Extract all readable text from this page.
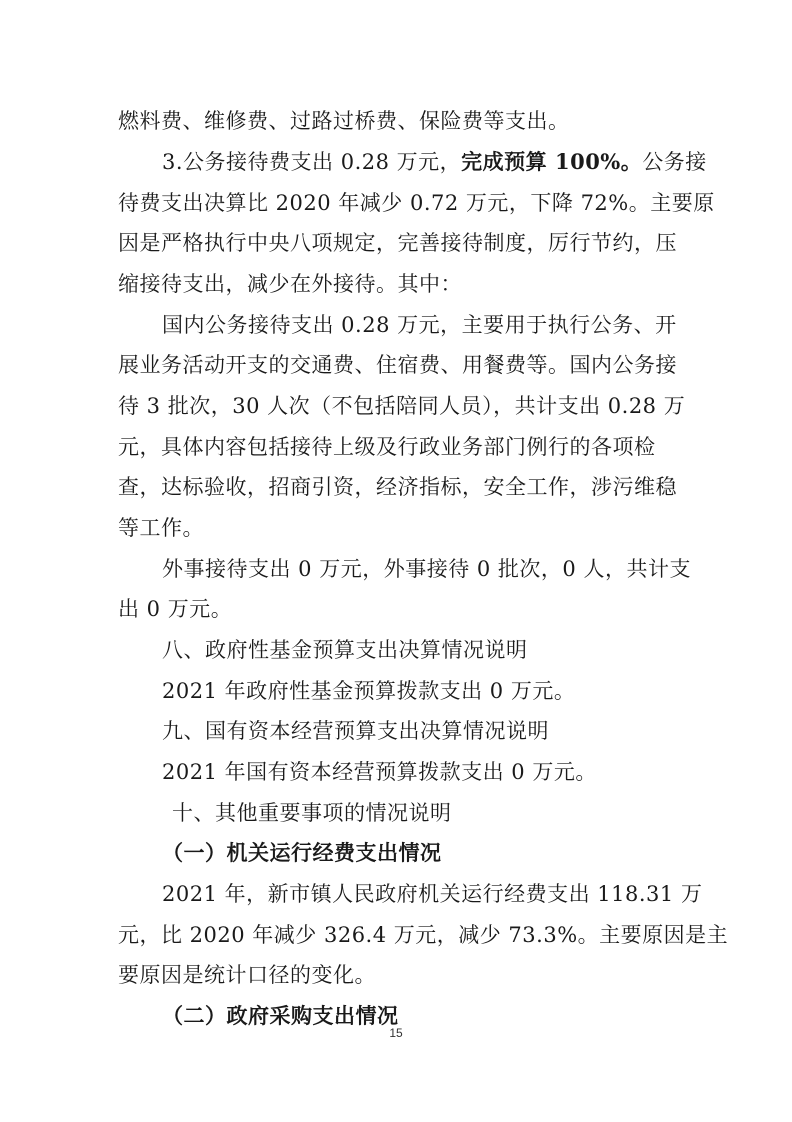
燃料费、维修费、过路过桥费、保险费等支出。
3.公务接待费支出 0.28 万元，完成预算 100%。公务接
待费支出决算比 2020 年减少 0.72 万元，下降 72%。主要原
因是严格执行中央八项规定，完善接待制度，厉行节约，压
缩接待支出，减少在外接待。其中：
国内公务接待支出 0.28 万元，主要用于执行公务、开
展业务活动开支的交通费、住宿费、用餐费等。国内公务接
待 3 批次，30 人次（不包括陪同人员），共计支出 0.28 万
元，具体内容包括接待上级及行政业务部门例行的各项检
查，达标验收，招商引资，经济指标，安全工作，涉污维稳
等工作。
外事接待支出 0 万元，外事接待 0 批次，0 人，共计支
出 0 万元。
八、政府性基金预算支出决算情况说明
2021 年政府性基金预算拨款支出 0 万元。
九、国有资本经营预算支出决算情况说明
2021 年国有资本经营预算拨款支出 0 万元。
十、其他重要事项的情况说明
（一）机关运行经费支出情况
2021 年，新市镇人民政府机关运行经费支出 118.31 万
元，比 2020 年减少 326.4 万元，减少 73.3%。主要原因是主
要原因是统计口径的变化。
（二）政府采购支出情况
15
